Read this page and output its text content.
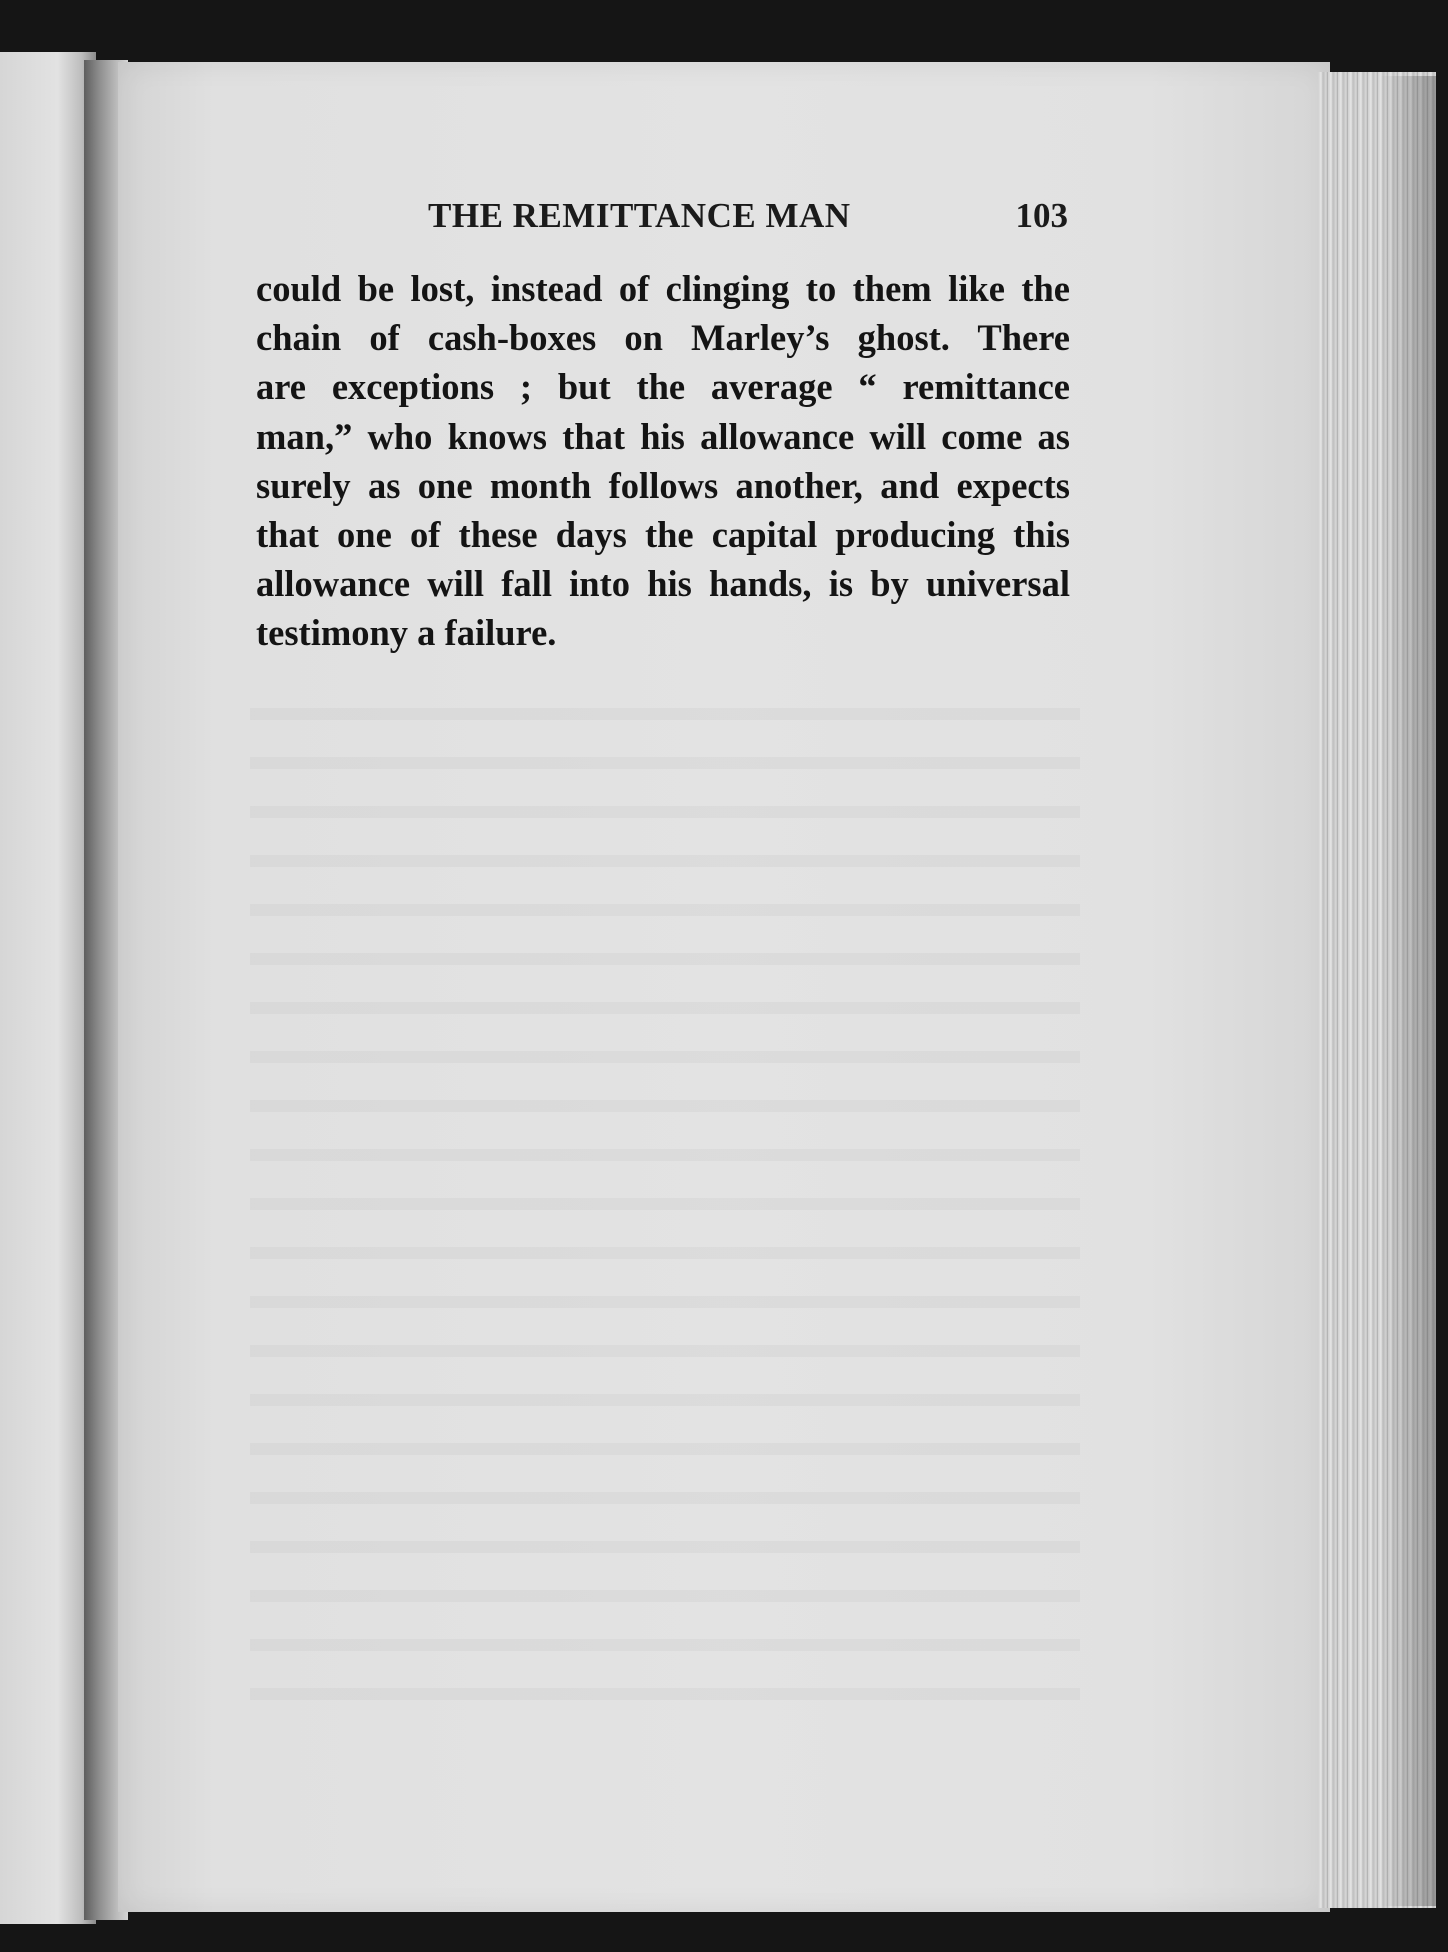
THE REMITTANCE MAN	103
could be lost, instead of clinging to them like the
chain of cash-boxes on Marley’s ghost. There
are exceptions ; but the average “ remittance
man,” who knows that his allowance will come as
surely as one month follows another, and expects
that one of these days the capital producing this
allowance will fall into his hands, is by universal
testimony a failure.
